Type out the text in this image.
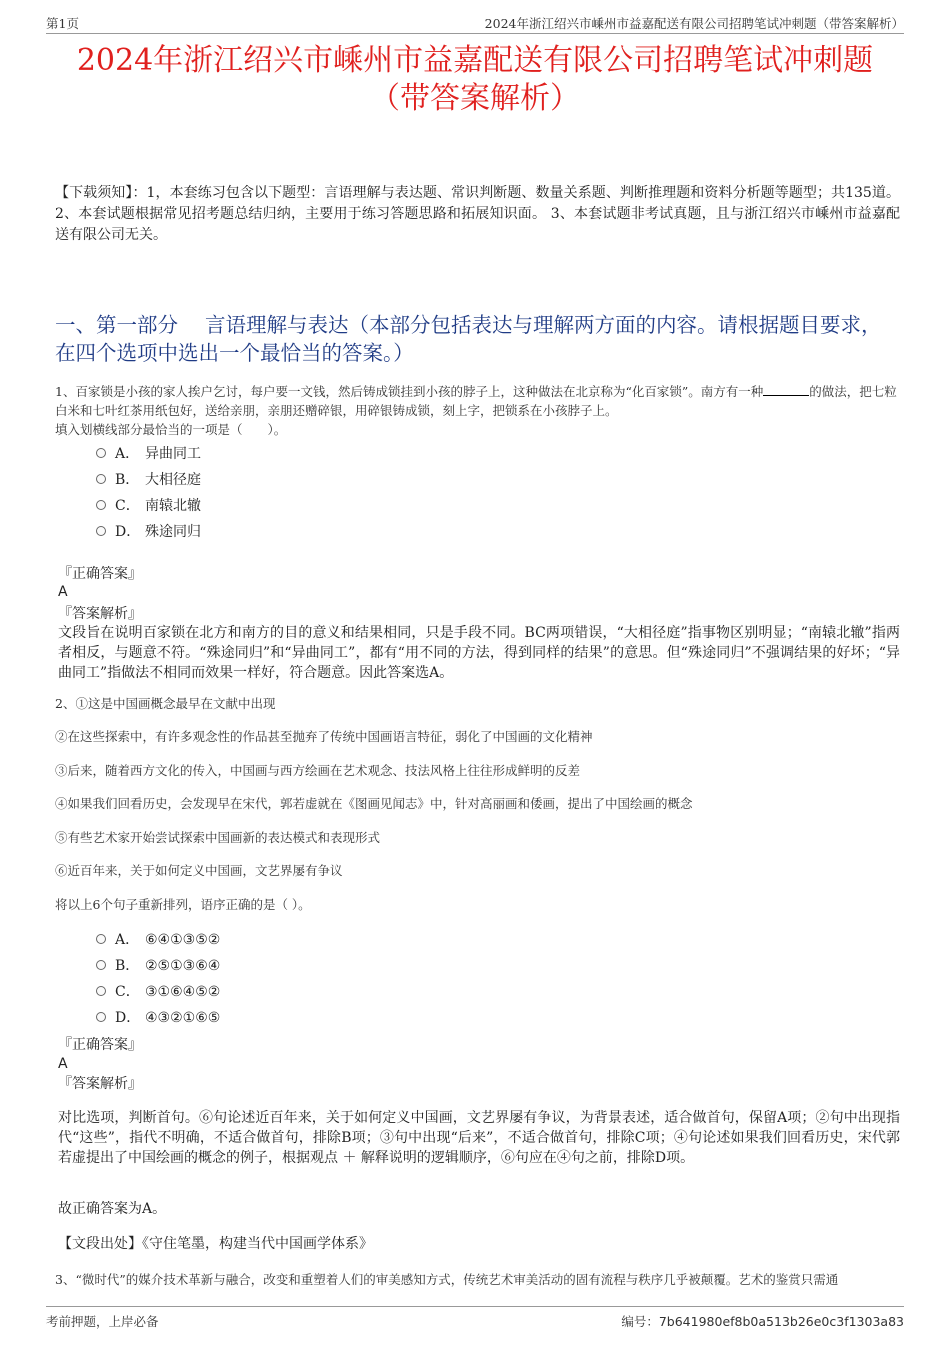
第1页	2024年浙江绍兴市嵊州市益嘉配送有限公司招聘笔试冲刺题（带答案解析）
2024年浙江绍兴市嵊州市益嘉配送有限公司招聘笔试冲刺题
（带答案解析）
【下载须知】：1，本套练习包含以下题型：言语理解与表达题、常识判断题、数量关系题、判断推理题和资料分析题等题型；共135道。 2、本套试题根据常见招考题总结归纳，主要用于练习答题思路和拓展知识面。 3、本套试题非考试真题，且与浙江绍兴市嵊州市益嘉配送有限公司无关。
一、第一部分　 言语理解与表达（本部分包括表达与理解两方面的内容。请根据题目要求，在四个选项中选出一个最恰当的答案。）
1、百家锁是小孩的家人挨户乞讨，每户要一文钱，然后铸成锁挂到小孩的脖子上，这种做法在北京称为“化百家锁”。南方有一种	的做法，把七粒白米和七叶红茶用纸包好，送给亲朋，亲朋还赠碎银，用碎银铸成锁，刻上字，把锁系在小孩脖子上。
填入划横线部分最恰当的一项是（　　）。
A． 异曲同工
B． 大相径庭
C． 南辕北辙
D． 殊途同归
『正确答案』
A
『答案解析』
文段旨在说明百家锁在北方和南方的目的意义和结果相同，只是手段不同。BC两项错误，“大相径庭”指事物区别明显；“南辕北辙”指两者相反，与题意不符。“殊途同归”和“异曲同工”，都有“用不同的方法，得到同样的结果”的意思。但“殊途同归”不强调结果的好坏；“异曲同工”指做法不相同而效果一样好，符合题意。因此答案选A。
2、①这是中国画概念最早在文献中出现
②在这些探索中，有许多观念性的作品甚至抛弃了传统中国画语言特征，弱化了中国画的文化精神
③后来，随着西方文化的传入，中国画与西方绘画在艺术观念、技法风格上往往形成鲜明的反差
④如果我们回看历史，会发现早在宋代，郭若虚就在《图画见闻志》中，针对高丽画和倭画，提出了中国绘画的概念
⑤有些艺术家开始尝试探索中国画新的表达模式和表现形式
⑥近百年来，关于如何定义中国画，文艺界屡有争议
将以上6个句子重新排列，语序正确的是（ ）。
A． ⑥④①③⑤②
B． ②⑤①③⑥④
C． ③①⑥④⑤②
D． ④③②①⑥⑤
『正确答案』
A
『答案解析』
对比选项，判断首句。⑥句论述近百年来，关于如何定义中国画，文艺界屡有争议，为背景表述，适合做首句，保留A项；②句中出现指代“这些”，指代不明确，不适合做首句，排除B项；③句中出现“后来”，不适合做首句，排除C项；④句论述如果我们回看历史，宋代郭若虚提出了中国绘画的概念的例子，根据观点 ＋ 解释说明的逻辑顺序，⑥句应在④句之前，排除D项。
故正确答案为A。
【文段出处】《守住笔墨，构建当代中国画学体系》
3、“微时代”的媒介技术革新与融合，改变和重塑着人们的审美感知方式，传统艺术审美活动的固有流程与秩序几乎被颠覆。艺术的鉴赏只需通
考前押题，上岸必备	编号：7b641980ef8b0a513b26e0c3f1303a83
